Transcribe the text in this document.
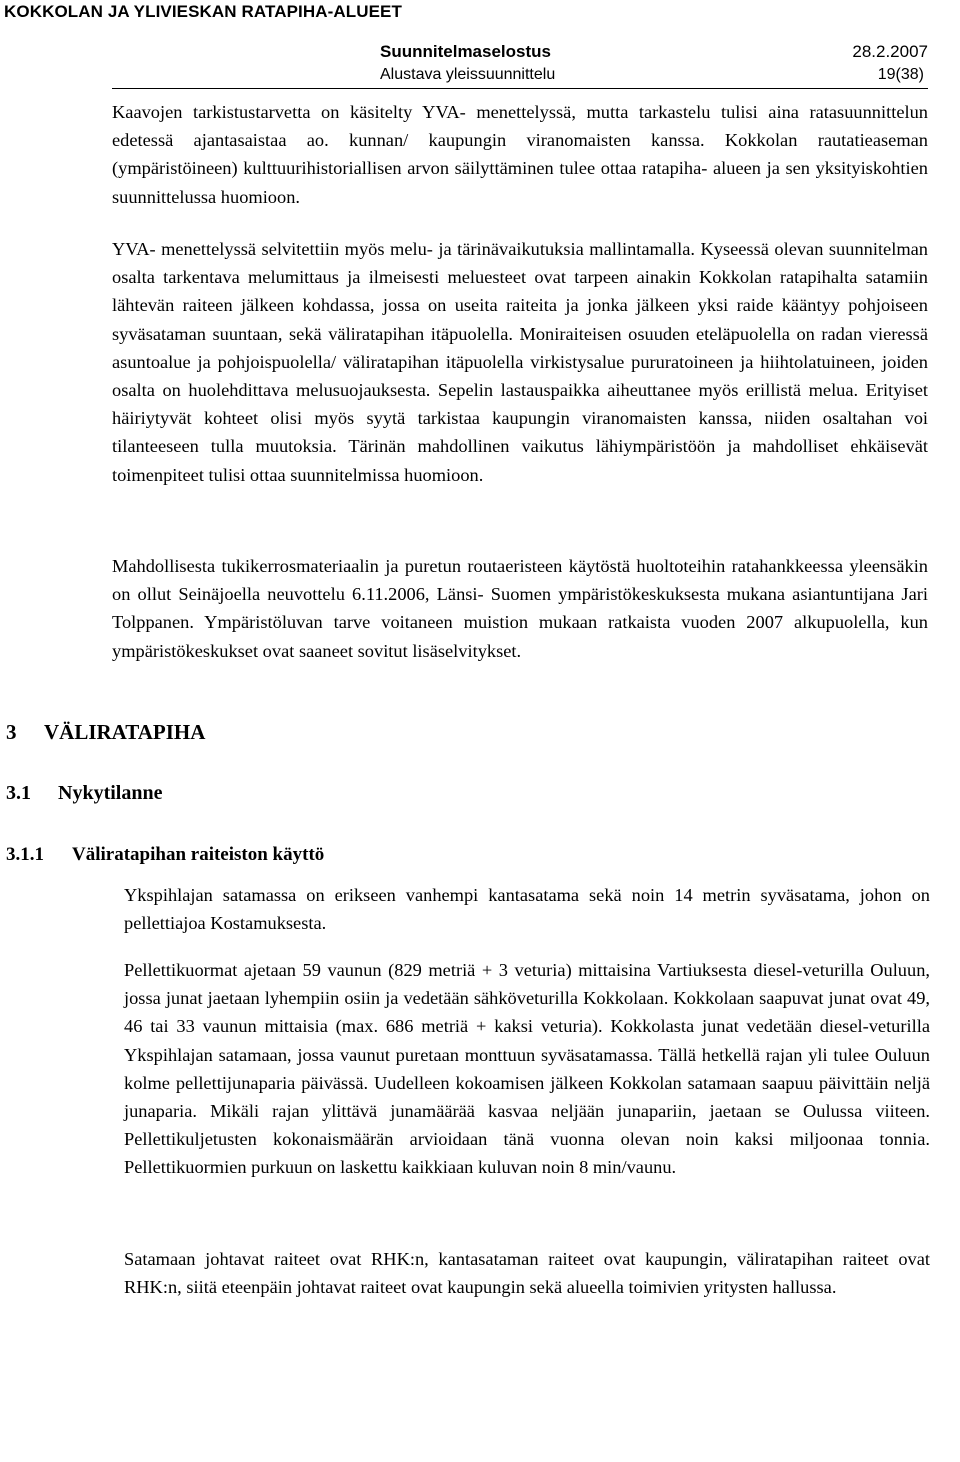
KOKKOLAN JA YLIVIESKAN RATAPIHA-ALUEET
Suunnitelmaselostus	28.2.2007
Alustava yleissuunnittelu	19(38)

Kaavojen tarkistustarvetta on käsitelty YVA- menettelyssä, mutta tarkastelu tulisi aina ratasuunnittelun edetessä ajantasaistaa ao. kunnan/ kaupungin viranomaisten kanssa. Kokkolan rautatieaseman (ympäristöineen) kulttuurihistoriallisen arvon säilyttäminen tulee ottaa ratapiha- alueen ja sen yksityiskohtien suunnittelussa huomioon.

YVA- menettelyssä selvitettiin myös melu- ja tärinävaikutuksia mallintamalla. Kyseessä olevan suunnitelman osalta tarkentava melumittaus ja ilmeisesti meluesteet ovat tarpeen ainakin Kokkolan ratapihalta satamiin lähtevän raiteen jälkeen kohdassa, jossa on useita raiteita ja jonka jälkeen yksi raide kääntyy pohjoiseen syväsataman suuntaan, sekä väliratapihan itäpuolella. Moniraiteisen osuuden eteläpuolella on radan vieressä asuntoalue ja pohjoispuolella/ väliratapihan itäpuolella virkistysalue pururatoineen ja hiihtolatuineen, joiden osalta on huolehdittava melusuojauksesta. Sepelin lastauspaikka aiheuttanee myös erillistä melua. Erityiset häiriytyvät kohteet olisi myös syytä tarkistaa kaupungin viranomaisten kanssa, niiden osaltahan voi tilanteeseen tulla muutoksia. Tärinän mahdollinen vaikutus lähiympäristöön ja mahdolliset ehkäisevät toimenpiteet tulisi ottaa suunnitelmissa huomioon.

Mahdollisesta tukikerrosmateriaalin ja puretun routaeristeen käytöstä huoltoteihin ratahankkeessa yleensäkin on ollut Seinäjoella neuvottelu 6.11.2006, Länsi- Suomen ympäristökeskuksesta mukana asiantuntijana Jari Tolppanen. Ympäristöluvan tarve voitaneen muistion mukaan ratkaista vuoden 2007 alkupuolella, kun ympäristökeskukset ovat saaneet sovitut lisäselvitykset.

3 VÄLIRATAPIHA
3.1 Nykytilanne
3.1.1 Väliratapihan raiteiston käyttö

Ykspihlajan satamassa on erikseen vanhempi kantasatama sekä noin 14 metrin syväsatama, johon on pellettiajoa Kostamuksesta.

Pellettikuormat ajetaan 59 vaunun (829 metriä + 3 veturia) mittaisina Vartiuksesta diesel-veturilla Ouluun, jossa junat jaetaan lyhempiin osiin ja vedetään sähköveturilla Kokkolaan. Kokkolaan saapuvat junat ovat 49, 46 tai 33 vaunun mittaisia (max. 686 metriä + kaksi veturia). Kokkolasta junat vedetään diesel-veturilla Ykspihlajan satamaan, jossa vaunut puretaan monttuun syväsatamassa. Tällä hetkellä rajan yli tulee Ouluun kolme pellettijunaparia päivässä. Uudelleen kokoamisen jälkeen Kokkolan satamaan saapuu päivittäin neljä junaparia. Mikäli rajan ylittävä junamäärää kasvaa neljään junapariin, jaetaan se Oulussa viiteen. Pellettikuljetusten kokonaismäärän arvioidaan tänä vuonna olevan noin kaksi miljoonaa tonnia. Pellettikuormien purkuun on laskettu kaikkiaan kuluvan noin 8 min/vaunu.

Satamaan johtavat raiteet ovat RHK:n, kantasataman raiteet ovat kaupungin, väliratapihan raiteet ovat RHK:n, siitä eteenpäin johtavat raiteet ovat kaupungin sekä alueella toimivien yritysten hallussa.
